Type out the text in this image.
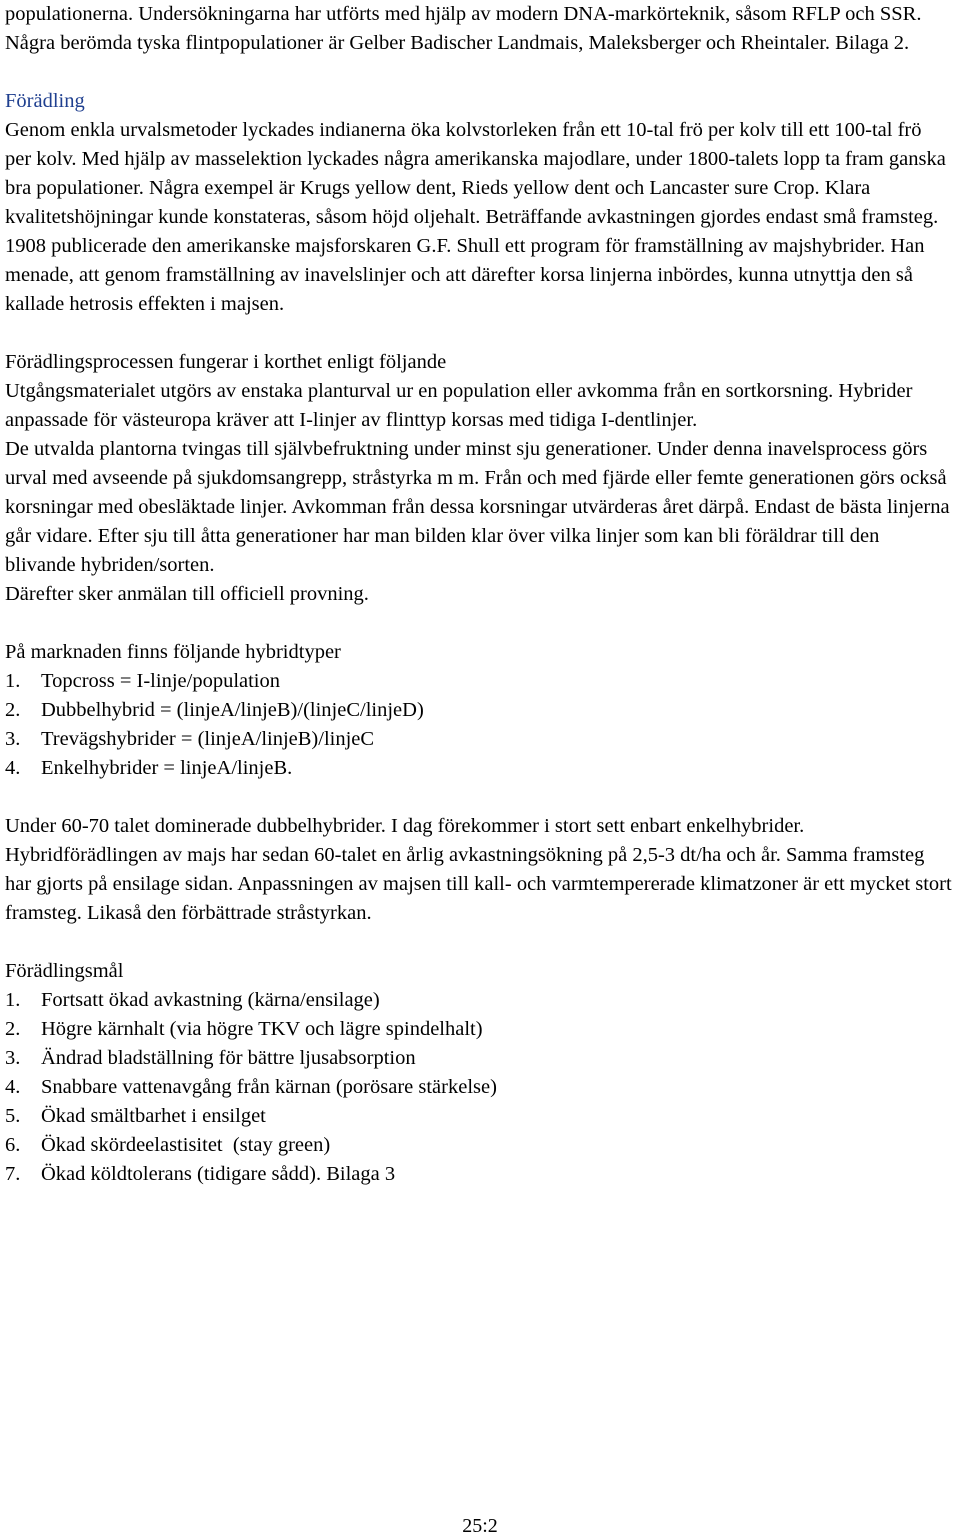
populationerna. Undersökningarna har utförts med hjälp av modern DNA-markörteknik, såsom RFLP och SSR. Några berömda tyska flintpopulationer är Gelber Badischer Landmais, Maleksberger och Rheintaler. Bilaga 2.

Förädling

Genom enkla urvalsmetoder lyckades indianerna öka kolvstorleken från ett 10-tal frö per kolv till ett 100-tal frö per kolv. Med hjälp av masselektion lyckades några amerikanska majodlare, under 1800-talets lopp ta fram ganska bra populationer. Några exempel är Krugs yellow dent, Rieds yellow dent och Lancaster sure Crop. Klara kvalitetshöjningar kunde konstateras, såsom höjd oljehalt. Beträffande avkastningen gjordes endast små framsteg.

1908 publicerade den amerikanske majsforskaren G.F. Shull ett program för framställning av majshybrider. Han menade, att genom framställning av inavelslinjer och att därefter korsa linjerna inbördes, kunna utnyttja den så kallade hetrosis effekten i majsen.

Förädlingsprocessen fungerar i korthet enligt följande

Utgångsmaterialet utgörs av enstaka planturval ur en population eller avkomma från en sortkorsning. Hybrider anpassade för västeuropa kräver att I-linjer av flinttyp korsas med tidiga I-dentlinjer.

De utvalda plantorna tvingas till självbefruktning under minst sju generationer. Under denna inavelsprocess görs urval med avseende på sjukdomsangrepp, stråstyrka m m. Från och med fjärde eller femte generationen görs också korsningar med obesläktade linjer. Avkomman från dessa korsningar utvärderas året därpå. Endast de bästa linjerna går vidare. Efter sju till åtta generationer har man bilden klar över vilka linjer som kan bli föräldrar till den blivande hybriden/sorten.

Därefter sker anmälan till officiell provning.

På marknaden finns följande hybridtyper
1.	Topcross = I-linje/population
2.	Dubbelhybrid = (linjeA/linjeB)/(linjeC/linjeD)
3.	Trevägshybrider = (linjeA/linjeB)/linjeC
4.	Enkelhybrider = linjeA/linjeB.

Under 60-70 talet dominerade dubbelhybrider. I dag förekommer i stort sett enbart enkelhybrider. Hybridförädlingen av majs har sedan 60-talet en årlig avkastningsökning på 2,5-3 dt/ha och år. Samma framsteg har gjorts på ensilage sidan. Anpassningen av majsen till kall- och varmtempererade klimatzoner är ett mycket stort framsteg. Likaså den förbättrade stråstyrkan.

Förädlingsmål
1.	Fortsatt ökad avkastning (kärna/ensilage)
2.	Högre kärnhalt (via högre TKV och lägre spindelhalt)
3.	Ändrad bladställning för bättre ljusabsorption
4.	Snabbare vattenavgång från kärnan (porösare stärkelse)
5.	Ökad smältbarhet i ensilget
6.	Ökad skördeelastisitet  (stay green)
7.	Ökad köldtolerans (tidigare sådd). Bilaga 3
25:2
